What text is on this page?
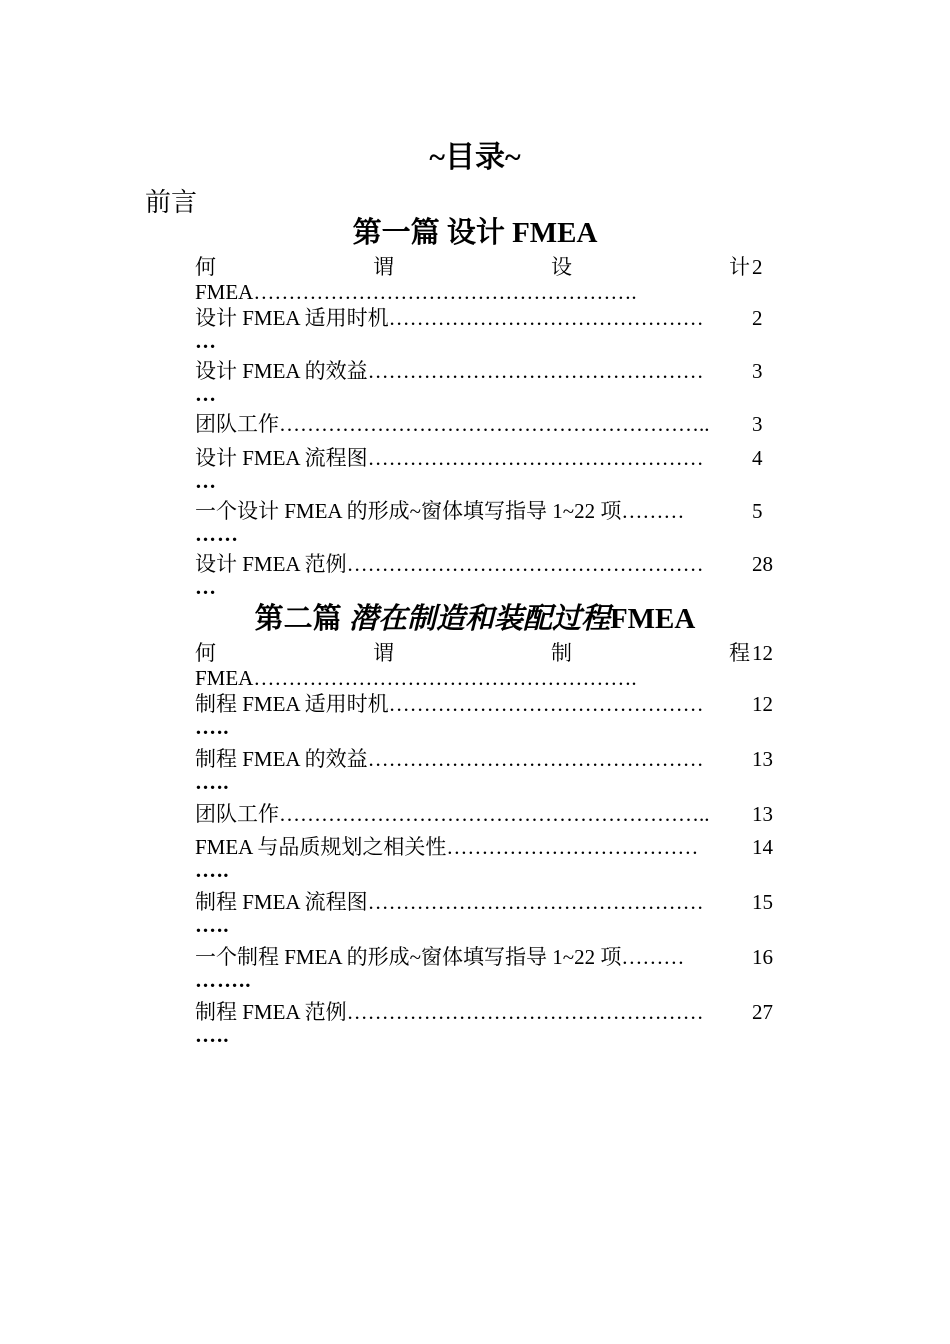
~目录~
前言
第一篇 设计 FMEA
何	谓	设	计 2
FMEA……………………………………………….
设计 FMEA 适用时机……………………………………… 2
…
设计 FMEA 的效益………………………………………… 3
…
团队工作…………………………………………………….. 3
设计 FMEA 流程图………………………………………… 4
…
一个设计 FMEA 的形成~窗体填写指导 1~22 项………	5
……
设计 FMEA 范例…………………………………………… 28
…
第二篇 潜在制造和装配过程FMEA
何	谓	制	程 12
FMEA……………………………………………….
制程 FMEA 适用时机……………………………………… 12
…..
制程 FMEA 的效益………………………………………… 13
…..
团队工作…………………………………………………….. 13
FMEA 与品质规划之相关性………………………………	14
…..
制程 FMEA 流程图………………………………………… 15
…..
一个制程 FMEA 的形成~窗体填写指导 1~22 项………	16
……..
制程 FMEA 范例…………………………………………… 27
…..
